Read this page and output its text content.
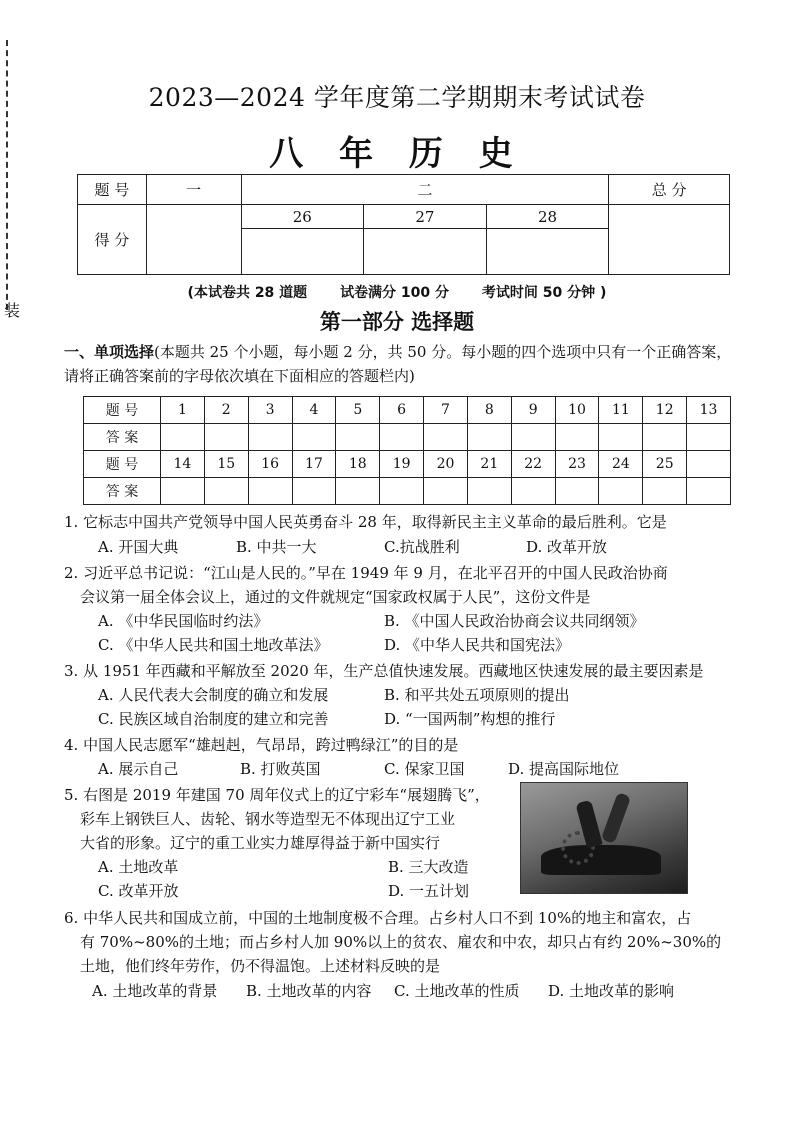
装
2023—2024 学年度第二学期期末考试试卷
八 年 历 史
题 号	一	二			总 分
得 分		26	27	28	

(本试卷共 28 道题 试卷满分 100 分 考试时间 50 分钟 )
第一部分 选择题
一、单项选择(本题共 25 个小题，每小题 2 分，共 50 分。每小题的四个选项中只有一个正确答案，请将正确答案前的字母依次填在下面相应的答题栏内)
题 号	1	2	3	4	5	6	7	8	9	10	11	12	13
答 案													
题 号	14	15	16	17	18	19	20	21	22	23	24	25	
答 案													
1. 它标志中国共产党领导中国人民英勇奋斗 28 年，取得新民主主义革命的最后胜利。它是
A. 开国大典	B. 中共一大	C.抗战胜利	D. 改革开放
2. 习近平总书记说：“江山是人民的。”早在 1949 年 9 月，在北平召开的中国人民政治协商
会议第一届全体会议上，通过的文件就规定“国家政权属于人民”，这份文件是
A. 《中华民国临时约法》	B. 《中国人民政治协商会议共同纲领》
C. 《中华人民共和国土地改革法》	D. 《中华人民共和国宪法》
3. 从 1951 年西藏和平解放至 2020 年，生产总值快速发展。西藏地区快速发展的最主要因素是
A. 人民代表大会制度的确立和发展	B. 和平共处五项原则的提出
C. 民族区域自治制度的建立和完善	D. “一国两制”构想的推行
4. 中国人民志愿军“雄赳赳，气昂昂，跨过鸭绿江”的目的是
A. 展示自己	B. 打败英国	C. 保家卫国	D. 提高国际地位
5. 右图是 2019 年建国 70 周年仪式上的辽宁彩车“展翅腾飞”，
彩车上钢铁巨人、齿轮、钢水等造型无不体现出辽宁工业
大省的形象。辽宁的重工业实力雄厚得益于新中国实行
A. 土地改革	B. 三大改造
C. 改革开放	D. 一五计划
6. 中华人民共和国成立前，中国的土地制度极不合理。占乡村人口不到 10%的地主和富农，占
有 70%~80%的土地；而占乡村人加 90%以上的贫农、雇农和中农，却只占有约 20%~30%的
土地，他们终年劳作，仍不得温饱。上述材料反映的是
A. 土地改革的背景 B. 土地改革的内容 C. 土地改革的性质 D. 土地改革的影响
